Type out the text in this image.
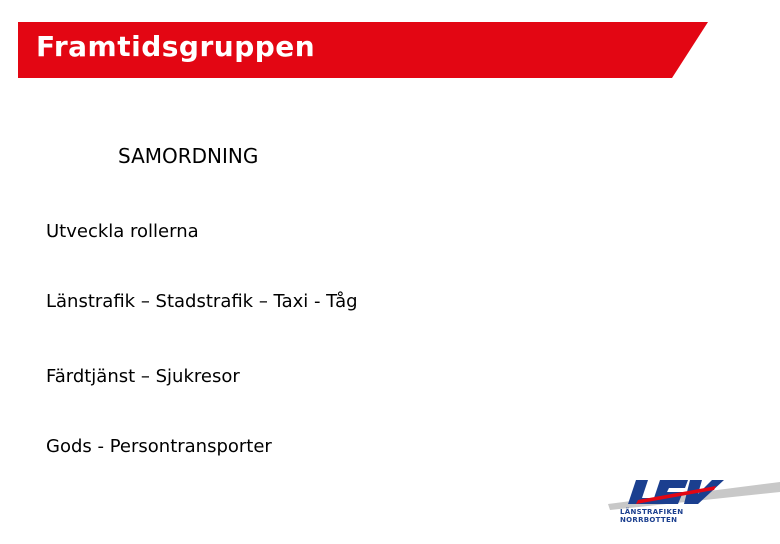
Framtidsgruppen
SAMORDNING
Utveckla rollerna
Länstrafik – Stadstrafik – Taxi - Tåg
Färdtjänst – Sjukresor
Gods - Persontransporter
LÄNSTRAFIKEN
NORRBOTTEN
